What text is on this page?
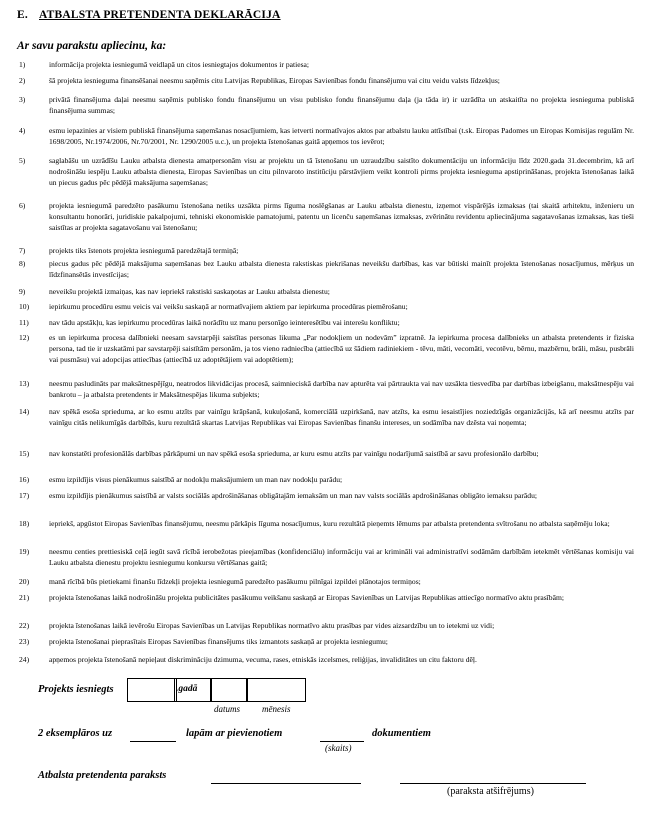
E. ATBALSTA PRETENDENTA DEKLARĀCIJA
Ar savu parakstu apliecinu, ka:
1)	informācija projekta iesniegumā veidlapā un citos iesniegtajos dokumentos ir patiesa;
2)	šā projekta iesnieguma finansēšanai neesmu saņēmis citu Latvijas Republikas, Eiropas Savienības fondu finansējumu vai citu veidu valsts līdzekļus;
3)	privātā finansējuma daļai neesmu saņēmis publisko fondu finansējumu un visu publisko fondu finansējumu daļa (ja tāda ir) ir uzrādīta un atskaitīta no projekta iesnieguma publiskā finansējuma summas;
4)	esmu iepazinies ar visiem publiskā finansējuma saņemšanas nosacījumiem, kas ietverti normatīvajos aktos par atbalstu lauku attīstībai (t.sk. Eiropas Padomes un Eiropas Komisijas regulām Nr. 1698/2005, Nr.1974/2006, Nr.70/2001, Nr. 1290/2005 u.c.), un projekta īstenošanas gaitā apņemos tos ievērot;
5)	saglabāšu un uzrādīšu Lauku atbalsta dienesta amatpersonām visu ar projektu un tā īstenošanu un uzraudzību saistīto dokumentāciju un informāciju līdz 2020.gada 31.decembrim, kā arī nodrošināšu iespēju Lauku atbalsta dienesta, Eiropas Savienības un citu pilnvaroto institūciju pārstāvjiem veikt kontroli pirms projekta iesnieguma apstiprināšanas, projekta īstenošanas laikā un piecus gadus pēc pēdējā maksājuma saņemšanas;
6)	projekta iesniegumā paredzēto pasākumu īstenošana netiks uzsākta pirms līguma noslēgšanas ar Lauku atbalsta dienestu, izņemot vispārējās izmaksas (tai skaitā arhitektu, inženieru un konsultantu honorāri, juridiskie pakalpojumi, tehniski ekonomiskie pamatojumi, patentu un licenču saņemšanas izmaksas, zvērinātu revidentu apliecinājuma sagatavošanas izmaksas, kas tieši saistītas ar projekta sagatavošanu vai īstenošanu;
7)	projekts tiks īstenots projekta iesniegumā paredzētajā termiņā;
8)	piecus gadus pēc pēdējā maksājuma saņemšanas bez Lauku atbalsta dienesta rakstiskas piekrišanas neveikšu darbības, kas var būtiski mainīt projekta īstenošanas nosacījumus, mērķus un līdzfinansētās investīcijas;
9)	neveikšu projektā izmaiņas, kas nav iepriekš rakstiski saskaņotas ar Lauku atbalsta dienestu;
10)	iepirkumu procedūru esmu veicis vai veikšu saskaņā ar normatīvajiem aktiem par iepirkuma procedūras piemērošanu;
11)	nav tādu apstākļu, kas iepirkumu procedūras laikā norādītu uz manu personīgo ieinteresētību vai interešu konfliktu;
12)	es un iepirkuma procesa dalībnieki neesam savstarpēji saistītas personas likuma „Par nodokļiem un nodevām” izpratnē. Ja iepirkuma procesa dalībnieks un atbalsta pretendents ir fiziska persona, tad tie ir uzskatāmi par savstarpēji saistītām personām, ja tos vieno radniecība (attiecībā uz šādiem radiniekiem - tēvu, māti, vecomāti, vecotēvu, bērnu, mazbērnu, brāli, māsu, pusbrāli vai pusmāsu) vai adopcijas attiecības (attiecībā uz adoptētājiem vai adoptētiem);
13)	neesmu pasludināts par maksātnespējīgu, neatrodos likvidācijas procesā, saimnieciskā darbība nav apturēta vai pārtraukta vai nav uzsākta tiesvedība par darbības izbeigšanu, maksātnespēju vai bankrotu – ja atbalsta pretendents ir Maksātnespējas likuma subjekts;
14)	nav spēkā esoša spriedumа, ar ko esmu atzīts par vainīgu krāpšanā, kukuļošanā, komerciālā uzpirkšanā, nav atzīts, ka esmu iesaistījies noziedzīgās organizācijās, kā arī neesmu atzīts par vainīgu citās nelikumīgās darbībās, kuru rezultātā skartas Latvijas Republikas vai Eiropas Savienības finanšu intereses, un sodāmība nav dzēsta vai noņemta;
15)	nav konstatēti profesionālās darbības pārkāpumi un nav spēkā esoša sprieduma, ar kuru esmu atzīts par vainīgu nodarījumā saistībā ar savu profesionālo darbību;
16)	esmu izpildījis visus pienākumus saistībā ar nodokļu maksājumiem un man nav nodokļu parādu;
17)	esmu izpildījis pienākumus saistībā ar valsts sociālās apdrošināšanas obligātajām iemaksām un man nav valsts sociālās apdrošināšanas obligāto iemaksu parādu;
18)	iepriekš, apgūstot Eiropas Savienības finansējumu, neesmu pārkāpis līguma nosacījumus, kuru rezultātā pieņemts lēmums par atbalsta pretendenta svītrošanu no atbalsta saņēmēju loka;
19)	neesmu centies prettiesiskā ceļā iegūt savā rīcībā ierobežotas pieejamības (konfidenciālu) informāciju vai ar krimināli vai administratīvi sodāmām darbībām ietekmēt vērtēšanas komisiju vai Lauku atbalsta dienestu projektu iesniegumu konkursu vērtēšanas gaitā;
20)	manā rīcībā būs pietiekami finanšu līdzekļi projekta iesniegumā paredzēto pasākumu pilnīgai izpildei plānotajos termiņos;
21)	projekta īstenošanas laikā nodrošināšu projekta publicitātes pasākumu veikšanu saskaņā ar Eiropas Savienības un Latvijas Republikas attiecīgo normatīvo aktu prasībām;
22)	projekta īstenošanas laikā ievērošu Eiropas Savienības un Latvijas Republikas normatīvo aktu prasības par vides aizsardzību un to ietekmi uz vidi;
23)	projekta īstenošanai pieprasītais Eiropas Savienības finansējums tiks izmantots saskaņā ar projekta iesniegumu;
24)	apņemos projekta īstenošanā nepieļaut diskrimināciju dzimuma, vecuma, rases, etniskās izcelsmes, reliģijas, invaliditātes un citu faktoru dēļ.
Projekts iesniegts	.gadā
datums mēnesis
2 eksemplāros uz	lapām ar pievienotiem
(skaits)
dokumentiem
Atbalsta pretendenta paraksts
(paraksta atšifrējums)
